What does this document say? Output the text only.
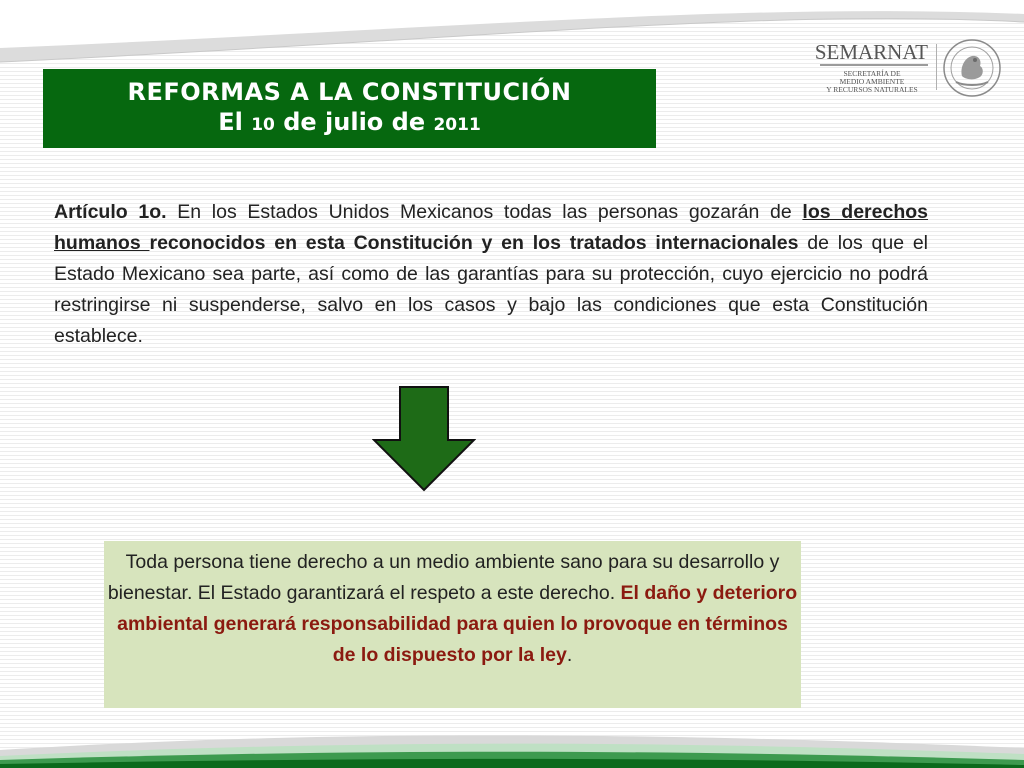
REFORMAS A LA CONSTITUCIÓN
El 10 de julio de 2011
SEMARNAT
SECRETARÍA DE
MEDIO AMBIENTE
Y RECURSOS NATURALES
Artículo 1o. En los Estados Unidos Mexicanos todas las personas gozarán de los derechos humanos reconocidos en esta Constitución y en los tratados internacionales de los que el Estado Mexicano sea parte, así como de las garantías para su protección, cuyo ejercicio no podrá restringirse ni suspenderse, salvo en los casos y bajo las condiciones que esta Constitución establece.
Toda persona tiene derecho a un medio ambiente sano para su desarrollo y bienestar. El Estado garantizará el respeto a este derecho. El daño y deterioro ambiental generará responsabilidad para quien lo provoque en términos de lo dispuesto por la ley.
